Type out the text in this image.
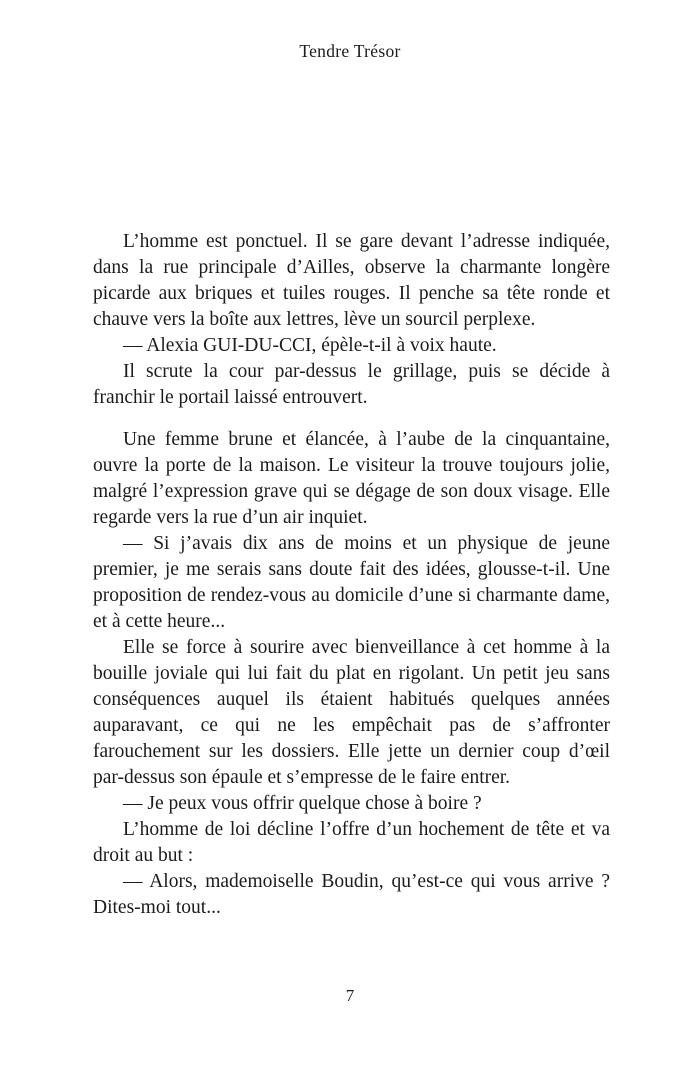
Tendre Trésor

L’homme est ponctuel. Il se gare devant l’adresse indiquée, dans la rue principale d’Ailles, observe la charmante longère picarde aux briques et tuiles rouges. Il penche sa tête ronde et chauve vers la boîte aux lettres, lève un sourcil perplexe.

— Alexia GUI-DU-CCI, épèle-t-il à voix haute.

Il scrute la cour par-dessus le grillage, puis se décide à franchir le portail laissé entrouvert.

Une femme brune et élancée, à l’aube de la cinquantaine, ouvre la porte de la maison. Le visiteur la trouve toujours jolie, malgré l’expression grave qui se dégage de son doux visage. Elle regarde vers la rue d’un air inquiet.

— Si j’avais dix ans de moins et un physique de jeune premier, je me serais sans doute fait des idées, glousse-t-il. Une proposition de rendez-vous au domicile d’une si charmante dame, et à cette heure...

Elle se force à sourire avec bienveillance à cet homme à la bouille joviale qui lui fait du plat en rigolant. Un petit jeu sans conséquences auquel ils étaient habitués quelques années auparavant, ce qui ne les empêchait pas de s’affronter farouchement sur les dossiers. Elle jette un dernier coup d’œil par-dessus son épaule et s’empresse de le faire entrer.

— Je peux vous offrir quelque chose à boire ?

L’homme de loi décline l’offre d’un hochement de tête et va droit au but :

— Alors, mademoiselle Boudin, qu’est-ce qui vous arrive ? Dites-moi tout...

7
